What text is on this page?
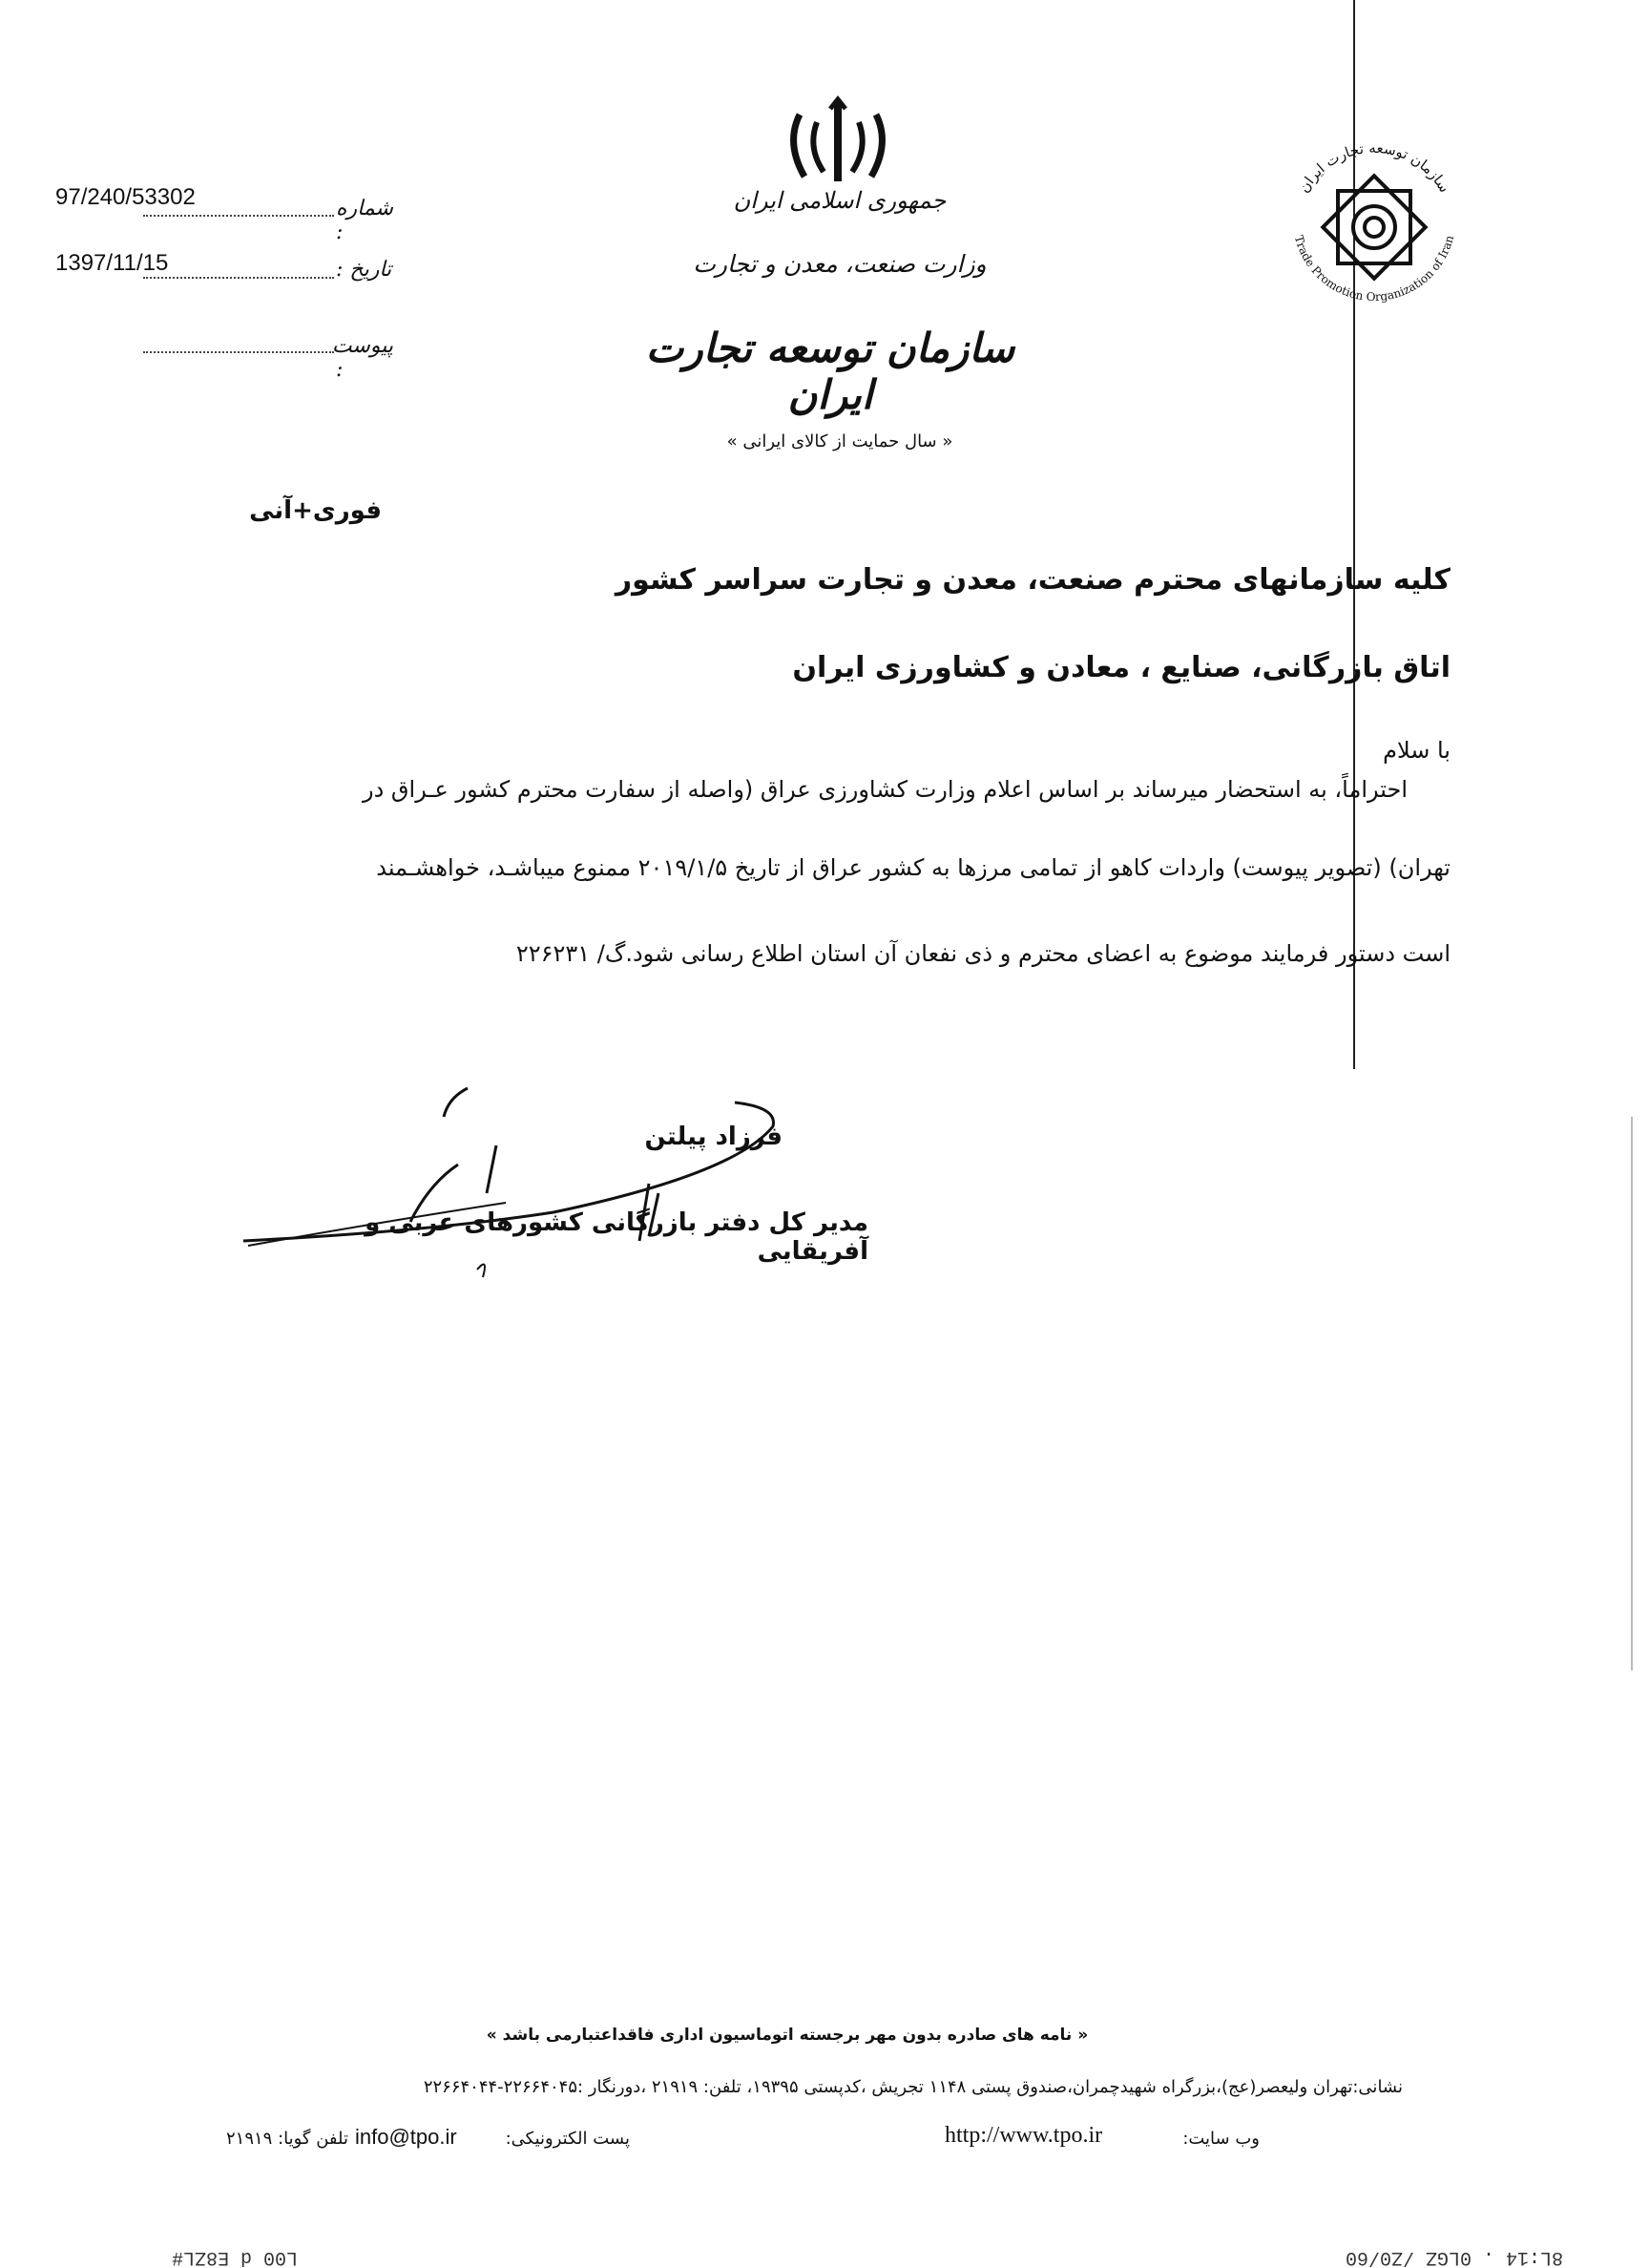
جمهوری اسلامی ایران
وزارت صنعت، معدن و تجارت
سازمان توسعه تجارت ایران
« سال حمایت از کالای ایرانی »
97/240/53302	شماره :
1397/11/15	تاریخ :
پیوست :
سازمان توسعه تجارت ایران
Trade Promotion Organization of Iran
فوری+آنی
کلیه سازمانهای محترم صنعت، معدن و تجارت سراسر کشور
اتاق بازرگانی، صنایع ، معادن و کشاورزی ایران
با سلام
احتراماً، به استحضار میرساند بر اساس اعلام وزارت کشاورزی عراق (واصله از سفارت محترم کشور عـراق در
تهران) (تصویر پیوست) واردات کاهو از تمامی مرزها به کشور عراق از تاریخ ۲۰۱۹/۱/۵ ممنوع میباشـد، خواهشـمند
است دستور فرمایند موضوع به اعضای محترم و ذی نفعان آن استان اطلاع رسانی شود.گ/ ۲۲۶۲۳۱
فرزاد پیلتن
مدیر کل دفتر بازرگانی کشورهای عربی و آفریقایی
« نامه های صادره بدون مهر برجسته اتوماسیون اداری فاقداعتبارمی باشد »
نشانی:تهران ولیعصر(عج)،بزرگراه شهیدچمران،صندوق پستی ۱۱۴۸ تجریش ،کدپستی ۱۹۳۹۵، تلفن: ۲۱۹۱۹ ،دورنگار :۲۲۶۶۴۰۴۵-۲۲۶۶۴۰۴۴
پست الکترونیکی:
info@tpo.ir
تلفن گویا: ۲۱۹۱۹	وب سایت:
http://www.tpo.ir
L00 d E8ZL#	8L:14 . 0LGZ /Z0/60
